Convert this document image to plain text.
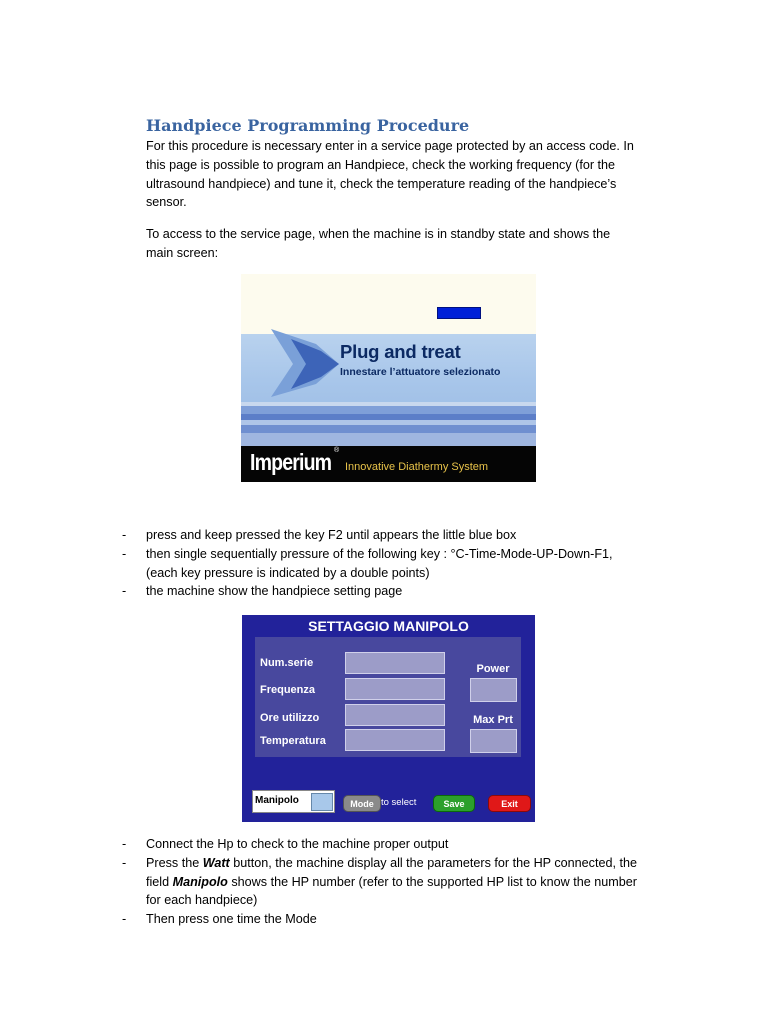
Handpiece Programming Procedure
For this procedure is necessary enter in a service page protected by an access code. In this page is possible to program an Handpiece, check the working frequency (for the ultrasound handpiece) and tune it, check the temperature reading of the handpiece’s sensor.
To access to the service page, when the machine is in standby state and shows the main screen:
Plug and treat
Innestare l’attuatore selezionato
Imperium ®
Innovative Diathermy System
- press and keep pressed the key F2 until appears the little blue box
- then single sequentially pressure of the following key : °C-Time-Mode-UP-Down-F1,(each key pressure is indicated by a double points)
- the machine show the handpiece setting page
SETTAGGIO MANIPOLO
Num.serie
Frequenza
Ore utilizzo
Temperatura
Power
Max Prt
Manipolo	Mode to select	Save	Exit
- Connect the Hp to check to the machine proper output
- Press the Watt button, the machine display all the parameters for the HP connected, the field Manipolo shows the HP number (refer to the supported HP list to know the number for each handpiece)
- Then press one time the Mode
